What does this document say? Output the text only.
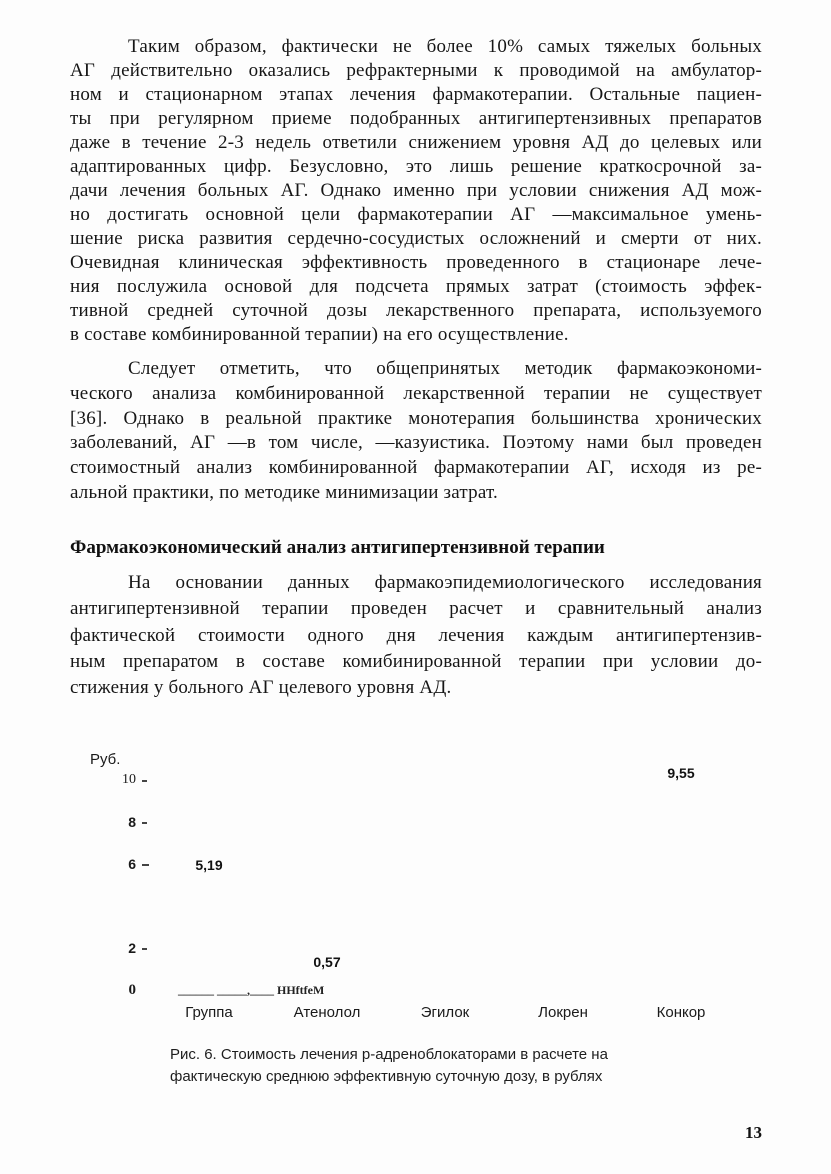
Таким образом, фактически не более 10% самых тяжелых больных
АГ действительно оказались рефрактерными к проводимой на амбулатор-
ном и стационарном этапах лечения фармакотерапии. Остальные пациен-
ты при регулярном приеме подобранных антигипертензивных препаратов
даже в течение 2-3 недель ответили снижением уровня АД до целевых или
адаптированных цифр. Безусловно, это лишь решение краткосрочной за-
дачи лечения больных АГ. Однако именно при условии снижения АД мож-
но достигать основной цели фармакотерапии АГ —максимальное умень-
шение риска развития сердечно-сосудистых осложнений и смерти от них.
Очевидная клиническая эффективность проведенного в стационаре лече-
ния послужила основой для подсчета прямых затрат (стоимость эффек-
тивной средней суточной дозы лекарственного препарата, используемого
в составе комбинированной терапии) на его осуществление.
Следует отметить, что общепринятых методик фармакоэкономи-
ческого анализа комбинированной лекарственной терапии не существует
[36]. Однако в реальной практике монотерапия большинства хронических
заболеваний, АГ —в том числе, —казуистика. Поэтому нами был проведен
стоимостный анализ комбинированной фармакотерапии АГ, исходя из ре-
альной практики, по методике минимизации затрат.
Фармакоэкономический анализ антигипертензивной терапии
На основании данных фармакоэпидемиологического исследования
антигипертензивной терапии проведен расчет и сравнительный анализ
фактической стоимости одного дня лечения каждым антигипертензив-
ным препаратом в составе комибинированной терапии при условии до-
стижения у больного АГ целевого уровня АД.
Руб.
10
8
6
2
0
5,19
0,57
9,55
Группа	Атенолол	Эгилок	Локрен	Конкор
______ _____,____ HHftfeM
Рис. 6. Стоимость лечения р-адреноблокаторами в расчете на
фактическую среднюю эффективную суточную дозу, в рублях
13
